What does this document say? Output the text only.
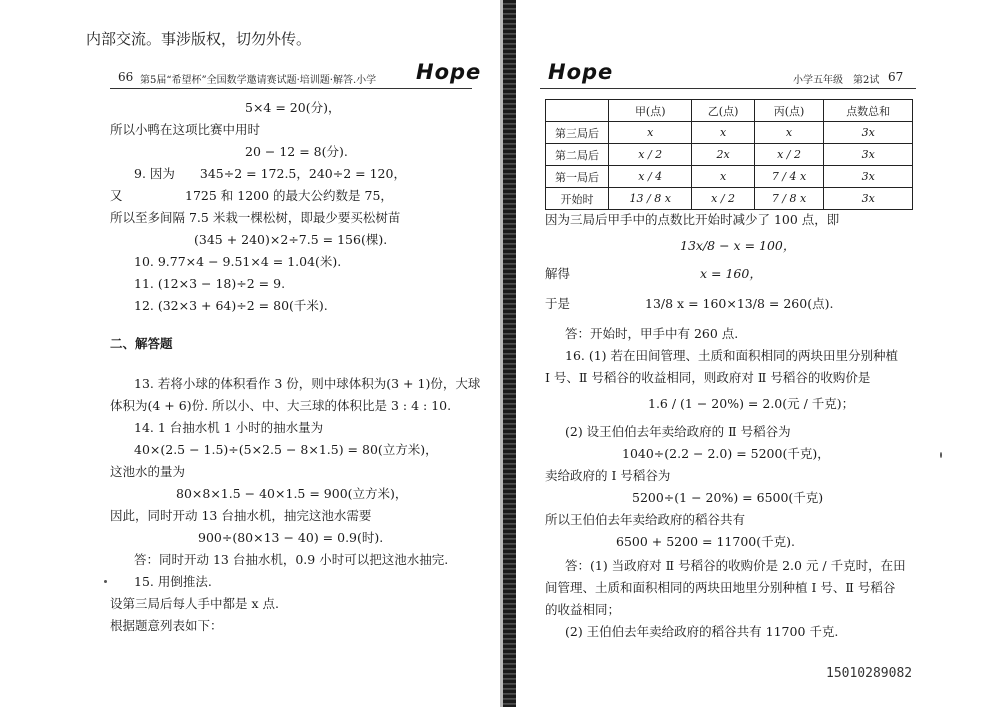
内部交流。事涉版权，切勿外传。
66 第5届“希望杯”全国数学邀请赛试题·培训题·解答.小学 Hope	Hope	小学五年级　第2试 67
5×4 = 20(分)，
所以小鸭在这项比赛中用时
20 − 12 = 8(分).
9. 因为　　345÷2 = 172.5，240÷2 = 120，
又　　　　　1725 和 1200 的最大公约数是 75，
所以至多间隔 7.5 米栽一棵松树，即最少要买松树苗
(345 + 240)×2÷7.5 = 156(棵).
10. 9.77×4 − 9.51×4 = 1.04(米).
11. (12×3 − 18)÷2 = 9.
12. (32×3 + 64)÷2 = 80(千米).
二、解答题
13. 若将小球的体积看作 3 份，则中球体积为(3 + 1)份，大球
体积为(4 + 6)份. 所以小、中、大三球的体积比是 3 : 4 : 10.
14. 1 台抽水机 1 小时的抽水量为
40×(2.5 − 1.5)÷(5×2.5 − 8×1.5) = 80(立方米)，
这池水的量为
80×8×1.5 − 40×1.5 = 900(立方米)，
因此，同时开动 13 台抽水机，抽完这池水需要
900÷(80×13 − 40) = 0.9(时).
答：同时开动 13 台抽水机，0.9 小时可以把这池水抽完.
15. 用倒推法.
设第三局后每人手中都是 x 点.
根据题意列表如下：
	甲(点)	乙(点)	丙(点)	点数总和
第三局后	x	x	x	3x
第二局后	x / 2	2x	x / 2	3x
第一局后	x / 4	x	7 / 4 x	3x
开始时	13 / 8 x	x / 2	7 / 8 x	3x
因为三局后甲手中的点数比开始时减少了 100 点，即
13x/8 − x = 100，
解得	x = 160，
于是	13/8 x = 160×13/8 = 260(点).
答：开始时，甲手中有 260 点.
16. (1) 若在田间管理、土质和面积相同的两块田里分别种植
Ⅰ 号、Ⅱ 号稻谷的收益相同，则政府对 Ⅱ 号稻谷的收购价是
1.6 / (1 − 20%) = 2.0(元 / 千克)；
(2) 设王伯伯去年卖给政府的 Ⅱ 号稻谷为
1040÷(2.2 − 2.0) = 5200(千克)，
卖给政府的 Ⅰ 号稻谷为
5200÷(1 − 20%) = 6500(千克)
所以王伯伯去年卖给政府的稻谷共有
6500 + 5200 = 11700(千克).
答：(1) 当政府对 Ⅱ 号稻谷的收购价是 2.0 元 / 千克时，在田
间管理、土质和面积相同的两块田地里分别种植 Ⅰ 号、Ⅱ 号稻谷
的收益相同；
(2) 王伯伯去年卖给政府的稻谷共有 11700 千克.
15010289082
